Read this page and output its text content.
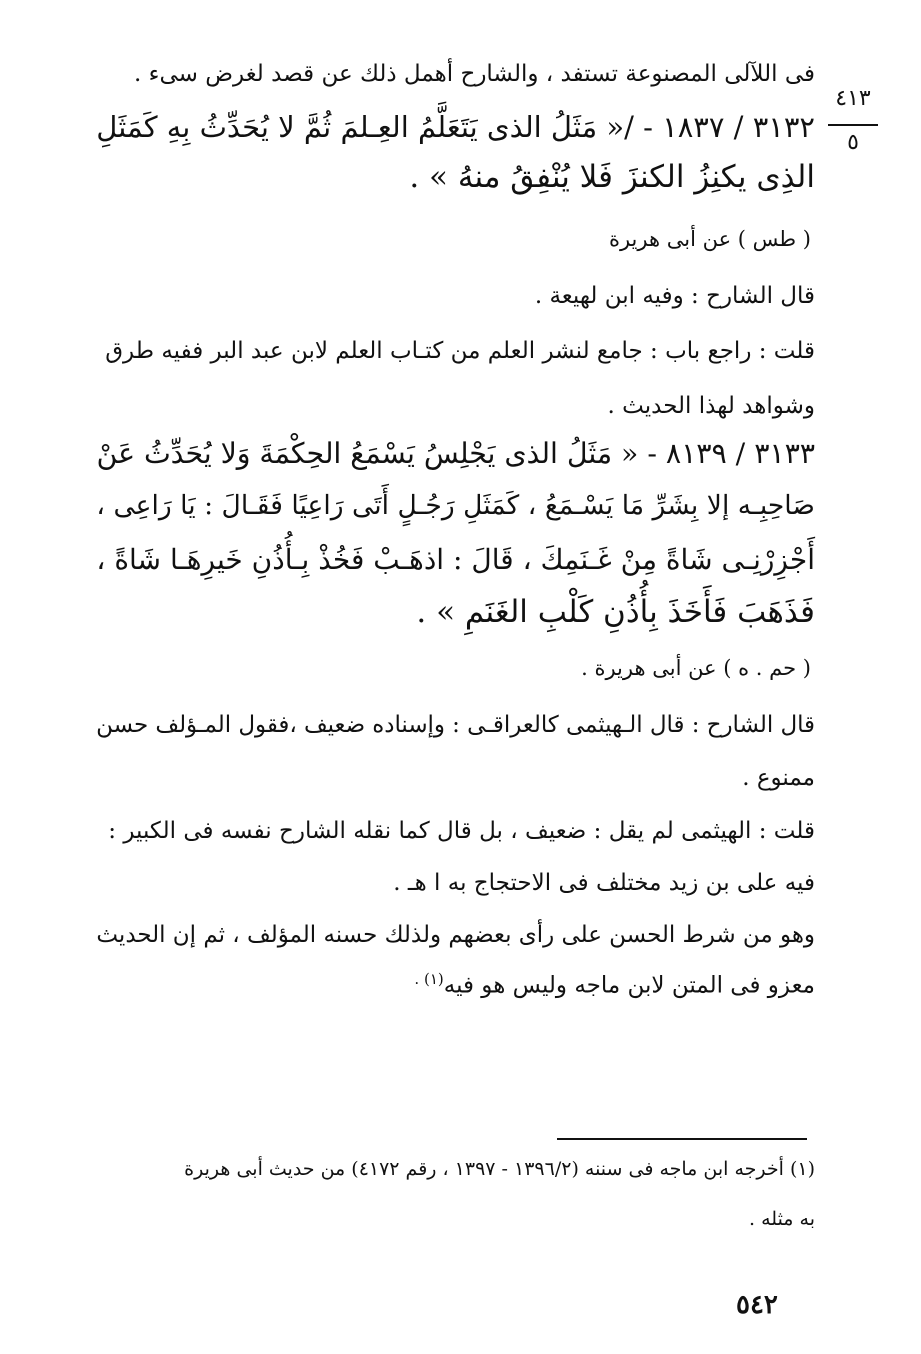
٤١٣
٥
فى اللآلى المصنوعة تستفد ، والشارح أهمل ذلك عن قصد لغرض سىء .
٣١٣٢ / ١٨٣٧ - /« مَثَلُ الذى يَتَعَلَّمُ العِـلمَ ثُمَّ لا يُحَدِّثُ بِهِ كَمَثَلِ
الذِى يكنِزُ الكنزَ فَلا يُنْفِقُ منهُ » .
( طس ) عن أبى هريرة
قال الشارح : وفيه ابن لهيعة .
قلت : راجع باب : جامع لنشر العلم من كتـاب العلم لابن عبد البر ففيه طرق
وشواهد لهذا الحديث .
٣١٣٣ / ٨١٣٩ - « مَثَلُ الذى يَجْلِسُ يَسْمَعُ الحِكْمَةَ وَلا يُحَدِّثُ عَنْ
صَاحِبِـه إلا بِشَرِّ مَا يَسْـمَعُ ، كَمَثَلِ رَجُـلٍ أَتَى رَاعِيًا فَقَـالَ : يَا رَاعِى ،
أَجْزِرْنِـى شَاةً مِنْ غَـنَمِكَ ، قَالَ : اذهَـبْ فَخُذْ بِـأُذُنِ خَيرِهَـا شَاةً ،
فَذَهَبَ فَأَخَذَ بِأُذُنِ كَلْبِ الغَنَمِ » .
( حم . ه ) عن أبى هريرة .
قال الشارح : قال الـهيثمى كالعراقـى : وإسناده ضعيف ،فقول المـؤلف حسن
ممنوع .
قلت : الهيثمى لم يقل : ضعيف ، بل قال كما نقله الشارح نفسه فى الكبير :
فيه على بن زيد مختلف فى الاحتجاج به ا هـ .
وهو من شرط الحسن على رأى بعضهم ولذلك حسنه المؤلف ، ثم إن الحديث
معزو فى المتن لابن ماجه وليس هو فيه$^{(١) .}$
(١) أخرجه ابن ماجه فى سننه (١٣٩٦/٢ - ١٣٩٧ ، رقم ٤١٧٢) من حديث أبى هريرة
به مثله .
٥٤٢
